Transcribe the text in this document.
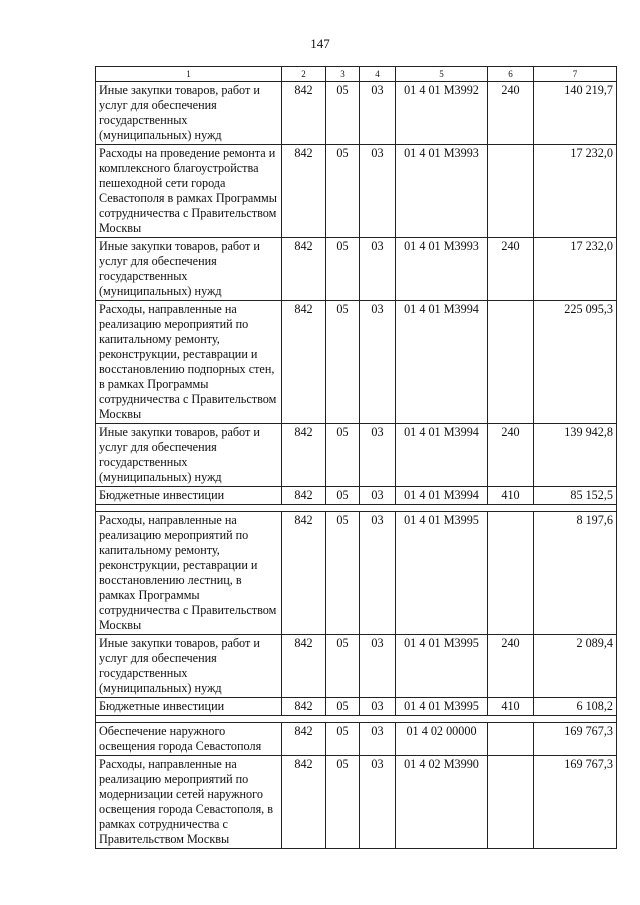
147
1	2	3	4	5	6	7
Иные закупки товаров, работ и услуг для обеспечения государственных (муниципальных) нужд	842	05	03	01 4 01 М3992	240	140 219,7
Расходы на проведение ремонта и комплексного благоустройства пешеходной сети города Севастополя в рамках Программы сотрудничества с Правительством Москвы	842	05	03	01 4 01 М3993		17 232,0
Иные закупки товаров, работ и услуг для обеспечения государственных (муниципальных) нужд	842	05	03	01 4 01 М3993	240	17 232,0
Расходы, направленные на реализацию мероприятий по капитальному ремонту, реконструкции, реставрации и восстановлению подпорных стен, в рамках Программы сотрудничества с Правительством Москвы	842	05	03	01 4 01 М3994		225 095,3
Иные закупки товаров, работ и услуг для обеспечения государственных (муниципальных) нужд	842	05	03	01 4 01 М3994	240	139 942,8
Бюджетные инвестиции	842	05	03	01 4 01 М3994	410	85 152,5

Расходы, направленные на реализацию мероприятий по капитальному ремонту, реконструкции, реставрации и восстановлению лестниц, в рамках Программы сотрудничества с Правительством Москвы	842	05	03	01 4 01 М3995		8 197,6
Иные закупки товаров, работ и услуг для обеспечения государственных (муниципальных) нужд	842	05	03	01 4 01 М3995	240	2 089,4
Бюджетные инвестиции	842	05	03	01 4 01 М3995	410	6 108,2

Обеспечение наружного освещения города Севастополя	842	05	03	01 4 02 00000		169 767,3
Расходы, направленные на реализацию мероприятий по модернизации сетей наружного освещения города Севастополя, в рамках сотрудничества с Правительством Москвы	842	05	03	01 4 02 М3990		169 767,3
